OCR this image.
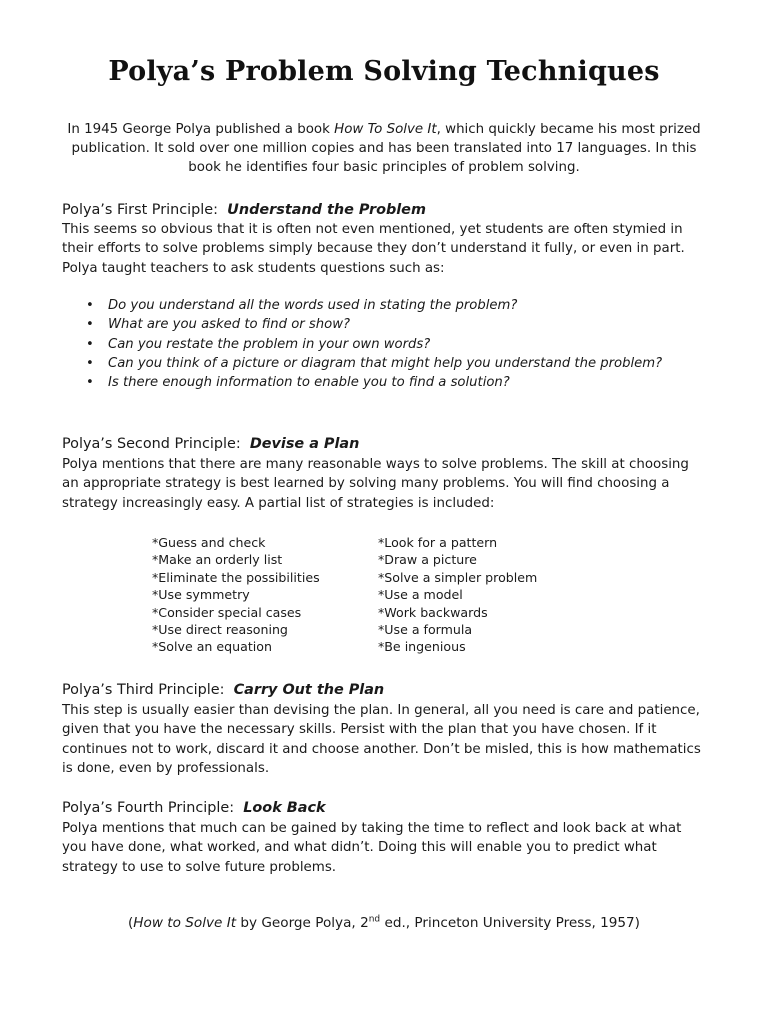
Polya’s Problem Solving Techniques

In 1945 George Polya published a book How To Solve It, which quickly became his most prized publication. It sold over one million copies and has been translated into 17 languages. In this book he identifies four basic principles of problem solving.

Polya’s First Principle:  Understand the Problem

This seems so obvious that it is often not even mentioned, yet students are often stymied in their efforts to solve problems simply because they don’t understand it fully, or even in part. Polya taught teachers to ask students questions such as:

• Do you understand all the words used in stating the problem?
• What are you asked to find or show?
• Can you restate the problem in your own words?
• Can you think of a picture or diagram that might help you understand the problem?
• Is there enough information to enable you to find a solution?
Polya’s Second Principle:  Devise a Plan

Polya mentions that there are many reasonable ways to solve problems. The skill at choosing an appropriate strategy is best learned by solving many problems. You will find choosing a strategy increasingly easy. A partial list of strategies is included:

*Guess and check
*Make an orderly list
*Eliminate the possibilities
*Use symmetry
*Consider special cases
*Use direct reasoning
*Solve an equation
*Look for a pattern
*Draw a picture
*Solve a simpler problem
*Use a model
*Work backwards
*Use a formula
*Be ingenious
Polya’s Third Principle:  Carry Out the Plan

This step is usually easier than devising the plan. In general, all you need is care and patience, given that you have the necessary skills. Persist with the plan that you have chosen. If it continues not to work, discard it and choose another. Don’t be misled, this is how mathematics is done, even by professionals.

Polya’s Fourth Principle:  Look Back

Polya mentions that much can be gained by taking the time to reflect and look back at what you have done, what worked, and what didn’t. Doing this will enable you to predict what strategy to use to solve future problems.

(How to Solve It by George Polya, 2nd ed., Princeton University Press, 1957)
